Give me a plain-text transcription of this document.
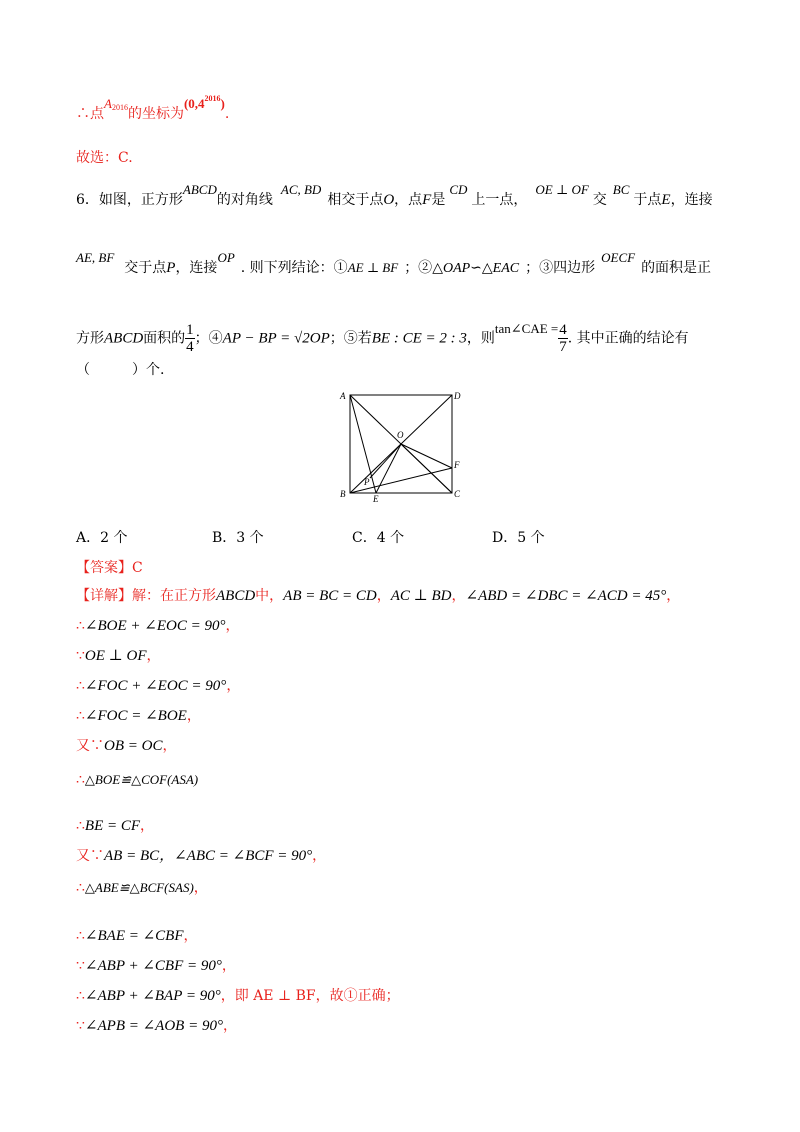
∴点A2016的坐标为$(0,4^{2016})$.
故选：C.
6．如图，正方形ABCD的对角线AC, BD相交于点O，点F是CD上一点，OE ⊥ OF交BC于点E，连接
AE, BF交于点P，连接OP. 则下列结论：①AE ⊥ BF ；②△OAP∽△EAC ；③四边形OECF的面积是正
方形ABCD面积的 $\frac{1}{4}$ ；④AP − BP = √2OP；⑤若BE : CE = 2 : 3，则tan∠CAE = $\frac{4}{7}$ . 其中正确的结论有
（　　　）个.
A	D
O
F
B
P
E	C
A．2 个	B．3 个	C．4 个	D．5 个
【答案】C
【详解】解：在正方形ABCD中，AB = BC = CD，AC ⊥ BD，∠ABD = ∠DBC = ∠ACD = 45°，
∴∠BOE + ∠EOC = 90°，
∵OE ⊥ OF，
∴∠FOC + ∠EOC = 90°，
∴∠FOC = ∠BOE，
又∵OB = OC，
∴△BOE≌△COF(ASA)
∴BE = CF，
又∵AB = BC，∠ABC = ∠BCF = 90°，
∴△ABE≌△BCF(SAS)，
∴∠BAE = ∠CBF，
∵∠ABP + ∠CBF = 90°，
∴∠ABP + ∠BAP = 90°，即 AE ⊥ BF，故①正确；
∵∠APB = ∠AOB = 90°，
